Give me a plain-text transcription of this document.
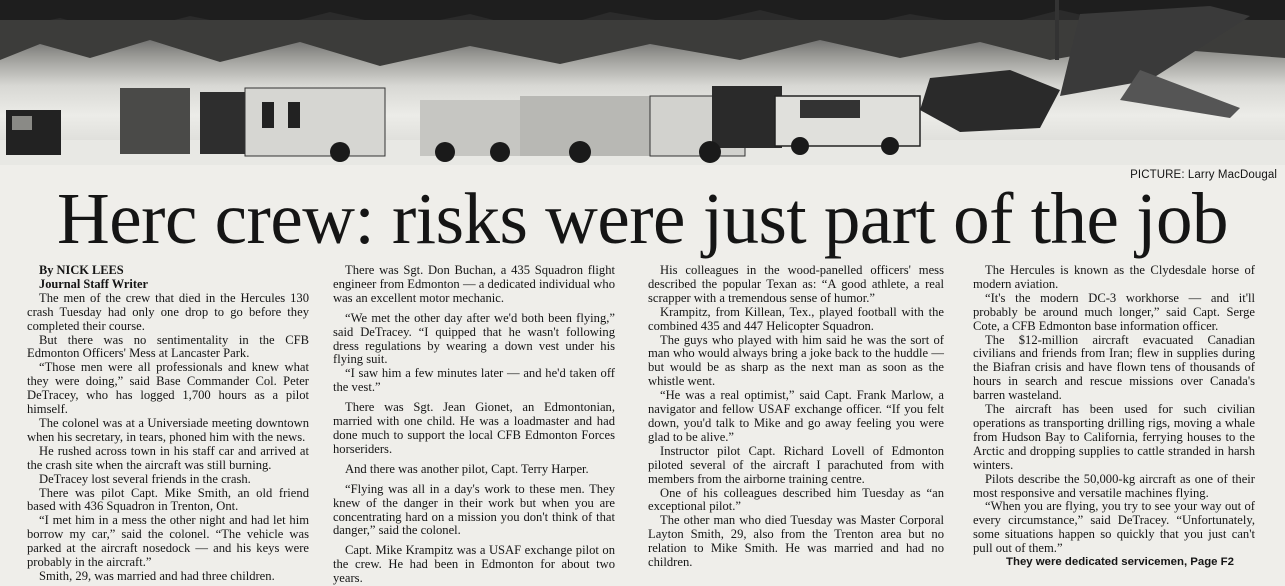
PICTURE: Larry MacDougal
Herc crew: risks were just part of the job

By NICK LEES

Journal Staff Writer

The men of the crew that died in the Hercules 130 crash Tuesday had only one drop to go before they completed their course.

But there was no sentimentality in the CFB Edmonton Officers' Mess at Lancaster Park.

“Those men were all professionals and knew what they were doing,” said Base Commander Col. Peter DeTracey, who has logged 1,700 hours as a pilot himself.

The colonel was at a Universiade meeting downtown when his secretary, in tears, phoned him with the news.

He rushed across town in his staff car and arrived at the crash site when the aircraft was still burning.

DeTracey lost several friends in the crash.

There was pilot Capt. Mike Smith, an old friend based with 436 Squadron in Trenton, Ont.

“I met him in a mess the other night and had let him borrow my car,” said the colonel. “The vehicle was parked at the aircraft nosedock — and his keys were probably in the aircraft.”

Smith, 29, was married and had three children.

There was Sgt. Don Buchan, a 435 Squadron flight engineer from Edmonton — a dedicated individual who was an excellent motor mechanic.

“We met the other day after we'd both been flying,” said DeTracey. “I quipped that he wasn't following dress regulations by wearing a down vest under his flying suit.

“I saw him a few minutes later — and he'd taken off the vest.”

There was Sgt. Jean Gionet, an Edmontonian, married with one child. He was a loadmaster and had done much to support the local CFB Edmonton Forces horseriders.

And there was another pilot, Capt. Terry Harper.

“Flying was all in a day's work to these men. They knew of the danger in their work but when you are concentrating hard on a mission you don't think of that danger,” said the colonel.

Capt. Mike Krampitz was a USAF exchange pilot on the crew. He had been in Edmonton for about two years.

His colleagues in the wood-panelled officers' mess described the popular Texan as: “A good athlete, a real scrapper with a tremendous sense of humor.”

Krampitz, from Killean, Tex., played football with the combined 435 and 447 Helicopter Squadron.

The guys who played with him said he was the sort of man who would always bring a joke back to the huddle — but would be as sharp as the next man as soon as the whistle went.

“He was a real optimist,” said Capt. Frank Marlow, a navigator and fellow USAF exchange officer. “If you felt down, you'd talk to Mike and go away feeling you were glad to be alive.”

Instructor pilot Capt. Richard Lovell of Edmonton piloted several of the aircraft I parachuted from with members from the airborne training centre.

One of his colleagues described him Tuesday as “an exceptional pilot.”

The other man who died Tuesday was Master Corporal Layton Smith, 29, also from the Trenton area but no relation to Mike Smith. He was married and had no children.

The Hercules is known as the Clydesdale horse of modern aviation.

“It's the modern DC-3 workhorse — and it'll probably be around much longer,” said Capt. Serge Cote, a CFB Edmonton base information officer.

The $12-million aircraft evacuated Canadian civilians and friends from Iran; flew in supplies during the Biafran crisis and have flown tens of thousands of hours in search and rescue missions over Canada's barren wasteland.

The aircraft has been used for such civilian operations as transporting drilling rigs, moving a whale from Hudson Bay to California, ferrying houses to the Arctic and dropping supplies to cattle stranded in harsh winters.

Pilots describe the 50,000-kg aircraft as one of their most responsive and versatile machines flying.

“When you are flying, you try to see your way out of every circumstance,” said DeTracey. “Unfortunately, some situations happen so quickly that you just can't pull out of them.”

They were dedicated servicemen, Page F2
